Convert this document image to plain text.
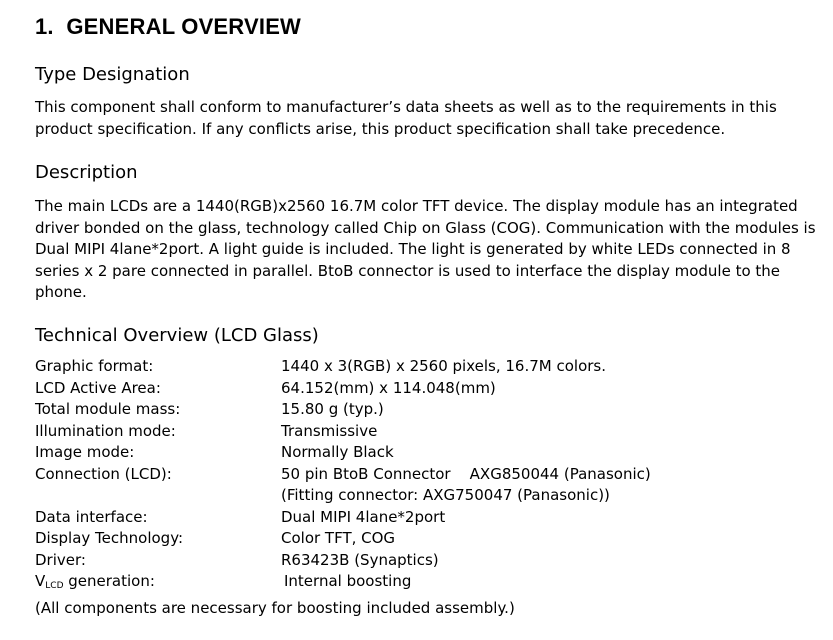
1. GENERAL OVERVIEW
Type Designation

This component shall conform to manufacturer’s data sheets as well as to the requirements in this product specification. If any conflicts arise, this product specification shall take precedence.

Description

The main LCDs are a 1440(RGB)x2560 16.7M color TFT device. The display module has an integrated driver bonded on the glass, technology called Chip on Glass (COG). Communication with the modules is Dual MIPI 4lane*2port. A light guide is included. The light is generated by white LEDs connected in 8 series x 2 pare connected in parallel. BtoB connector is used to interface the display module to the phone.

Technical Overview (LCD Glass)
Graphic format:	1440 x 3(RGB) x 2560 pixels, 16.7M colors.
LCD Active Area:	64.152(mm) x 114.048(mm)
Total module mass:	15.80 g (typ.)
Illumination mode:	Transmissive
Image mode:	Normally Black
Connection (LCD):	50 pin BtoB Connector    AXG850044 (Panasonic)
(Fitting connector: AXG750047 (Panasonic))
Data interface:	Dual MIPI 4lane*2port
Display Technology:	Color TFT, COG
Driver:	R63423B (Synaptics)
$V_{LCD}$ generation:	Internal boosting
(All components are necessary for boosting included assembly.)
